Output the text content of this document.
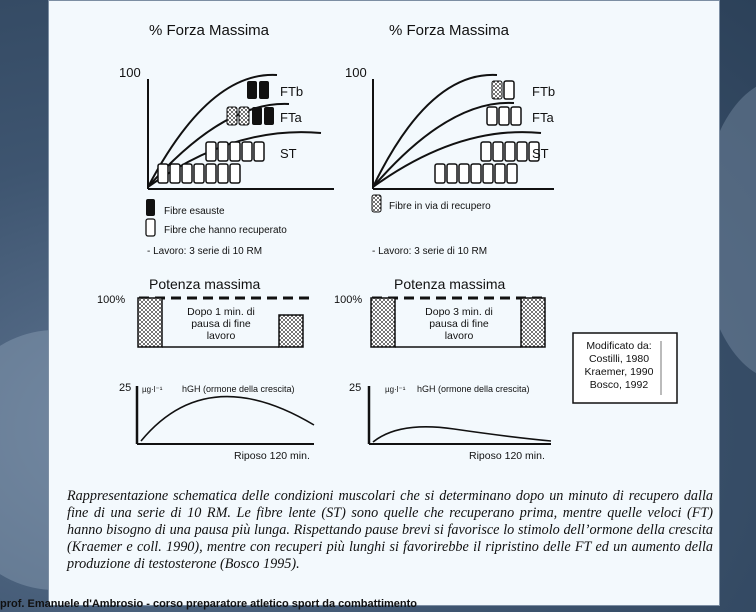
% Forza Massima
100
FTb
FTa
ST
Fibre esauste
Fibre che hanno recuperato
- Lavoro: 3 serie di 10 RM
% Forza Massima
100
FTb
FTa
ST
Fibre in via di recupero
- Lavoro: 3 serie di 10 RM
Potenza massima
100%
Dopo 1 min. di
pausa di fine
lavoro
Potenza massima
100%
Dopo 3 min. di
pausa di fine
lavoro
Modificato da:
Costilli, 1980
Kraemer, 1990
Bosco, 1992
25 µg·l⁻¹ hGH (ormone della crescita)
Riposo 120 min.
25	µg·l⁻¹ hGH (ormone della crescita)
Riposo 120 min.
Rappresentazione schematica delle condizioni muscolari che si determinano dopo un minuto di recupero dalla fine di una serie di 10 RM. Le fibre lente (ST) sono quelle che recuperano prima, mentre quelle veloci (FT) hanno bisogno di una pausa più lunga. Rispettando pause brevi si favorisce lo stimolo dell’ormone della crescita (Kraemer e coll. 1990), mentre con recuperi più lunghi si favorirebbe il ripristino delle FT ed un aumento della produzione di testosterone (Bosco 1995).
prof. Emanuele d'Ambrosio - corso preparatore atletico sport da combattimento
